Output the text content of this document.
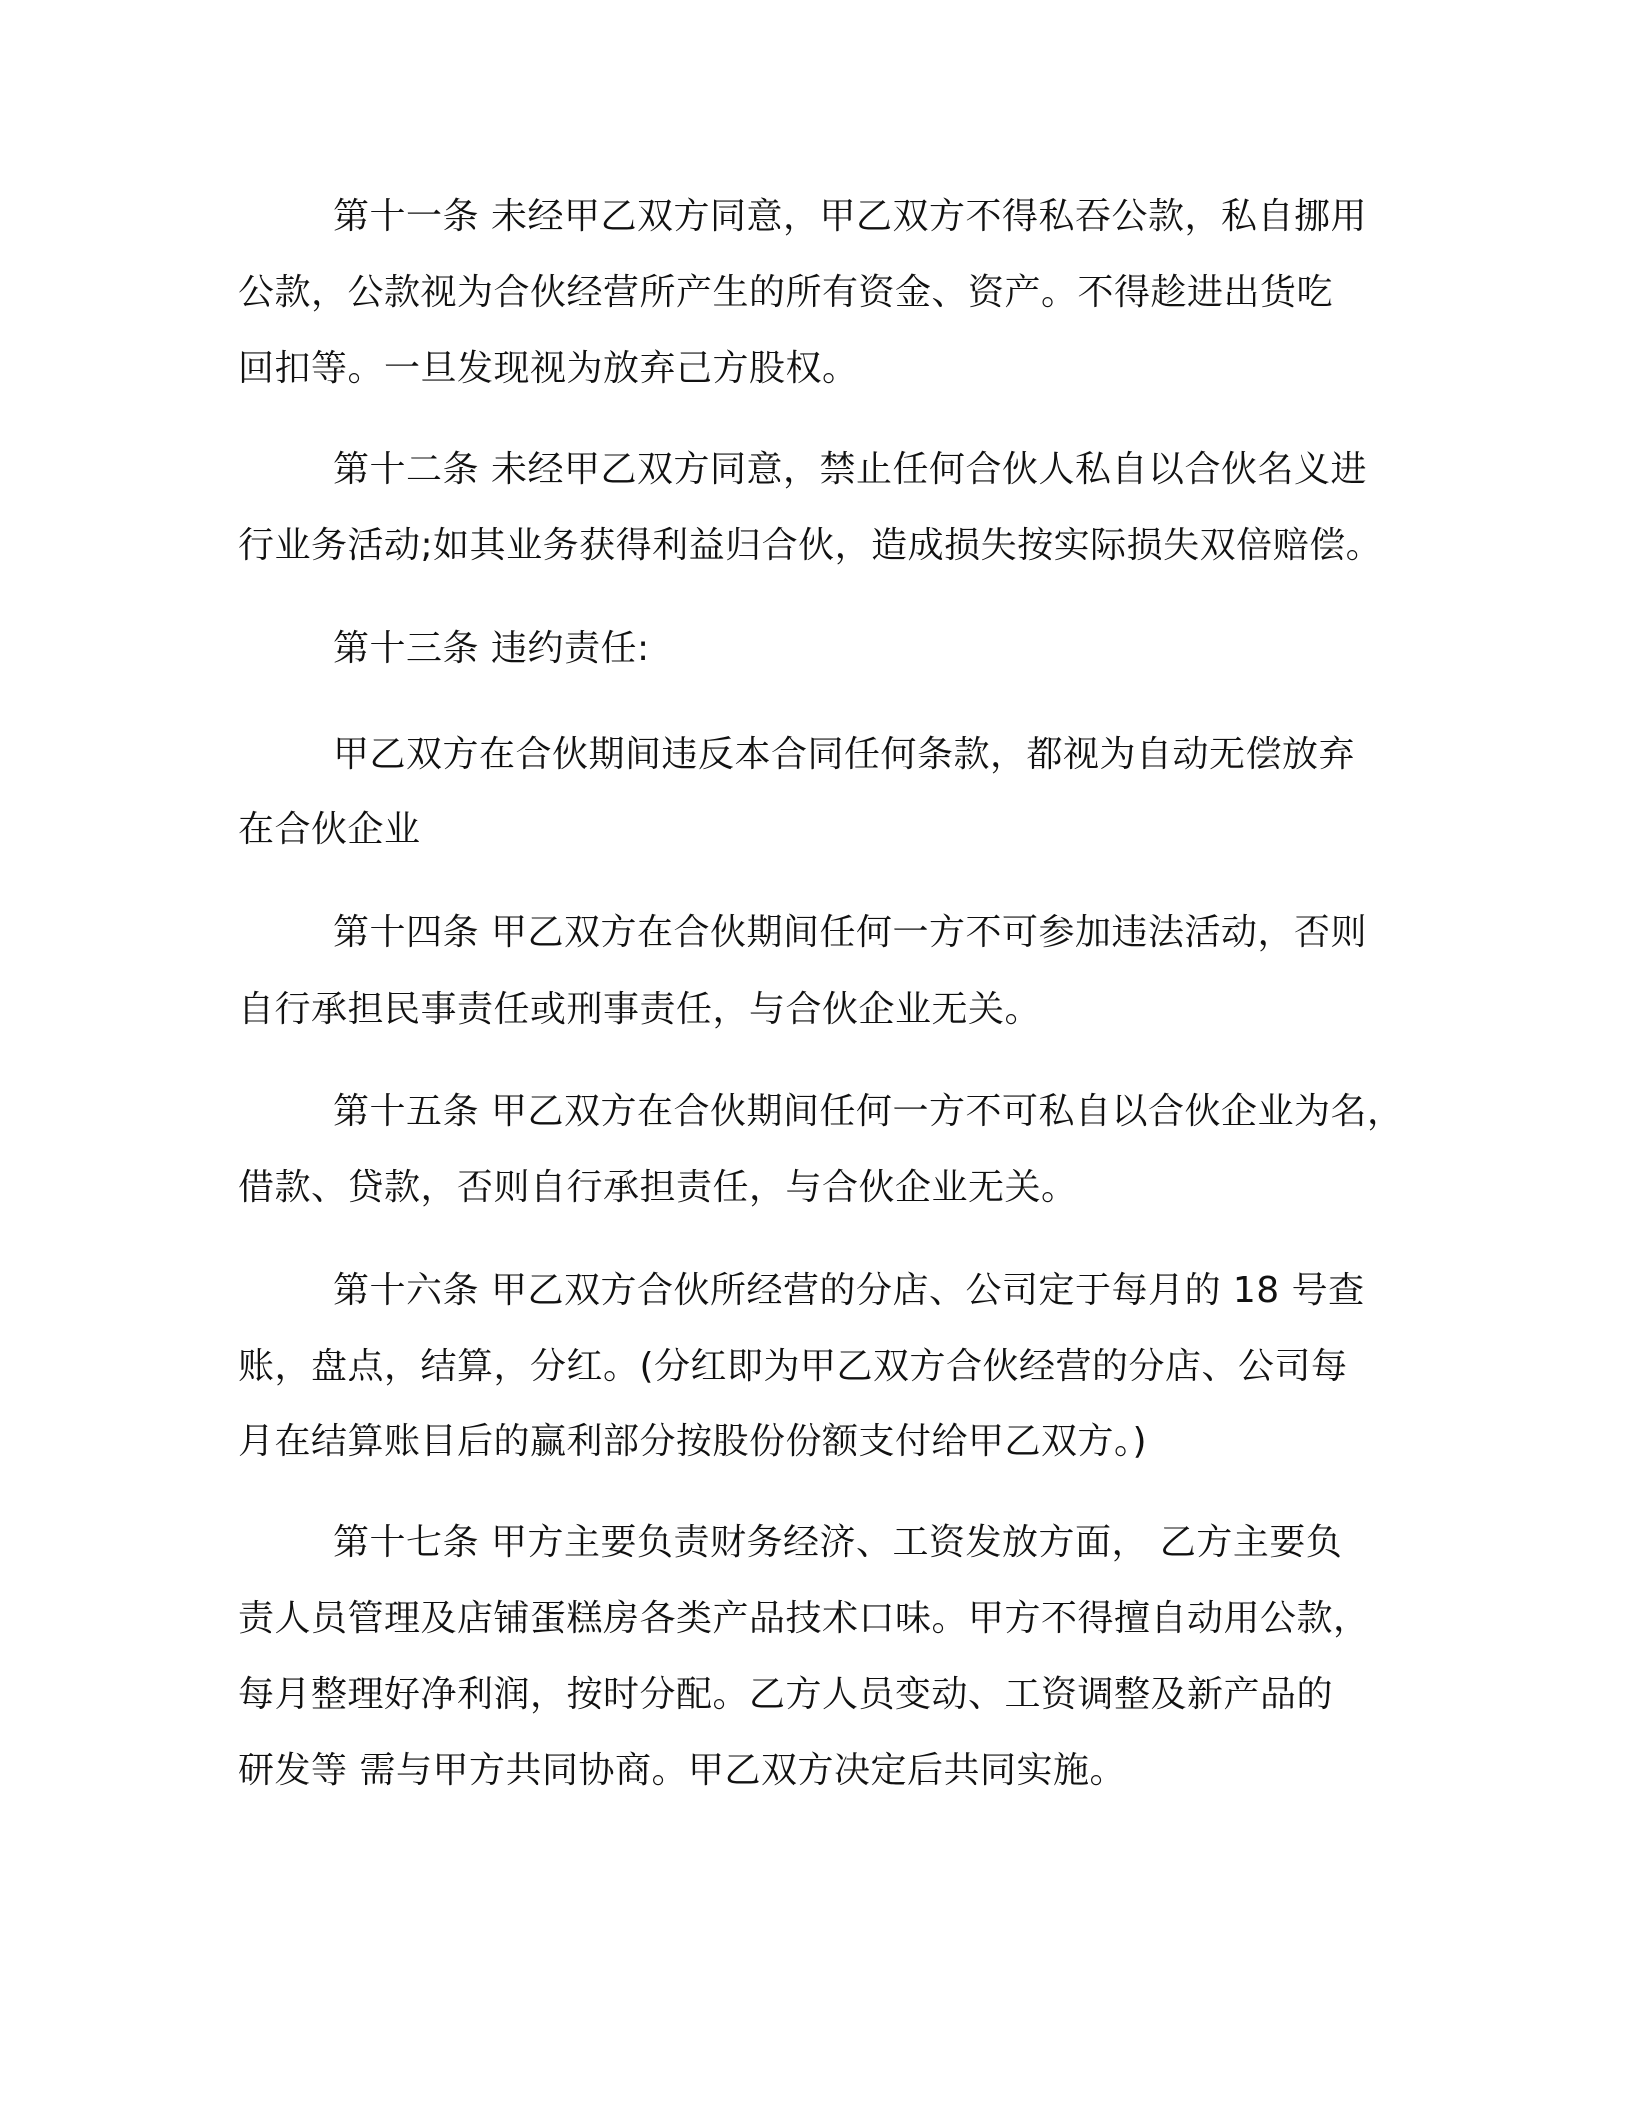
第十一条 未经甲乙双方同意，甲乙双方不得私吞公款，私自挪用
公款，公款视为合伙经营所产生的所有资金、资产。不得趁进出货吃
回扣等。一旦发现视为放弃己方股权。
第十二条 未经甲乙双方同意，禁止任何合伙人私自以合伙名义进
行业务活动;如其业务获得利益归合伙，造成损失按实际损失双倍赔偿。
第十三条 违约责任:
甲乙双方在合伙期间违反本合同任何条款，都视为自动无偿放弃
在合伙企业
第十四条 甲乙双方在合伙期间任何一方不可参加违法活动，否则
自行承担民事责任或刑事责任，与合伙企业无关。
第十五条 甲乙双方在合伙期间任何一方不可私自以合伙企业为名，
借款、贷款，否则自行承担责任，与合伙企业无关。
第十六条 甲乙双方合伙所经营的分店、公司定于每月的 18 号查
账，盘点，结算，分红。(分红即为甲乙双方合伙经营的分店、公司每
月在结算账目后的赢利部分按股份份额支付给甲乙双方。)
第十七条 甲方主要负责财务经济、工资发放方面， 乙方主要负
责人员管理及店铺蛋糕房各类产品技术口味。甲方不得擅自动用公款，
每月整理好净利润，按时分配。乙方人员变动、工资调整及新产品的
研发等 需与甲方共同协商。甲乙双方决定后共同实施。
